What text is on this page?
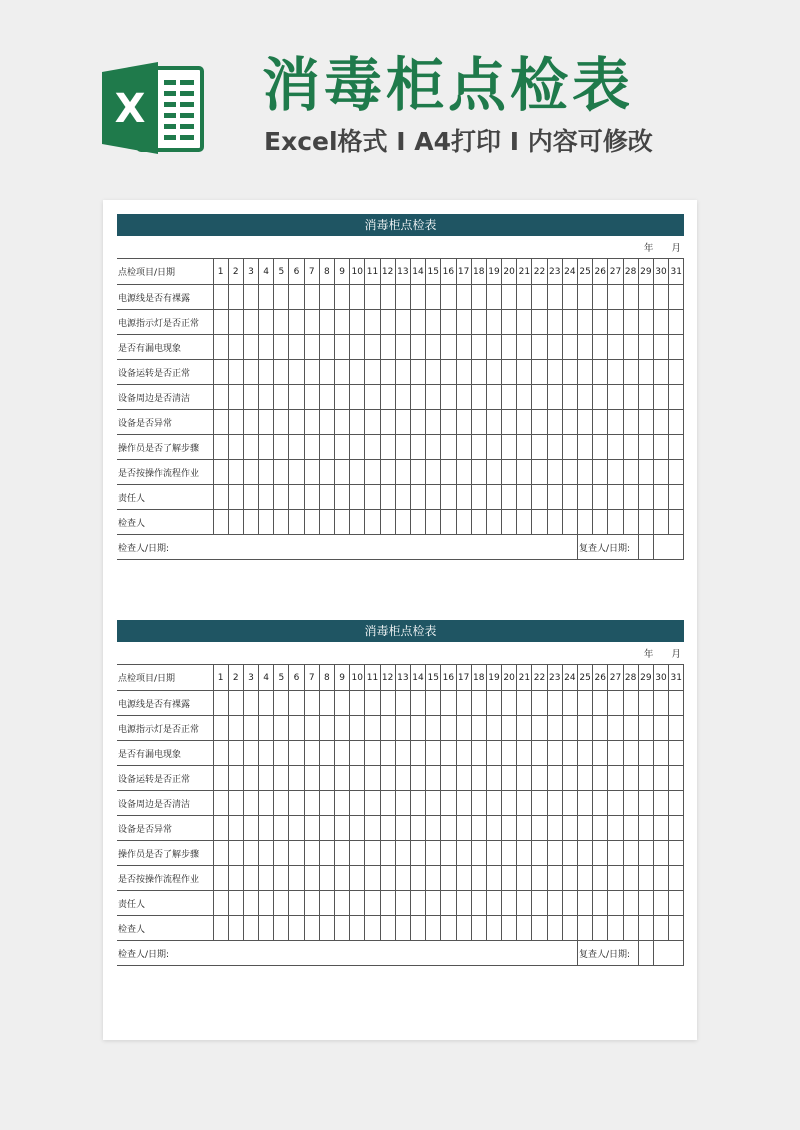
X 消毒柜点检表
Excel格式 I A4打印 I 内容可修改
消毒柜点检表
年 月																															
点检项目/日期	1	2	3	4	5	6	7	8	9	10	11	12	13	14	15	16	17	18	19	20	21	22	23	24	25	26	27	28	29	30	31
电源线是否有裸露																															
电源指示灯是否正常																															
是否有漏电现象																															
设备运转是否正常																															
设备周边是否清洁																															
设备是否异常																															
操作员是否了解步骤																															
是否按操作流程作业																															
责任人																															
检查人																															
检查人/日期:																									复查人/日期:						
消毒柜点检表
年 月																															
点检项目/日期	1	2	3	4	5	6	7	8	9	10	11	12	13	14	15	16	17	18	19	20	21	22	23	24	25	26	27	28	29	30	31
电源线是否有裸露																															
电源指示灯是否正常																															
是否有漏电现象																															
设备运转是否正常																															
设备周边是否清洁																															
设备是否异常																															
操作员是否了解步骤																															
是否按操作流程作业																															
责任人																															
检查人																															
检查人/日期:																									复查人/日期:						
